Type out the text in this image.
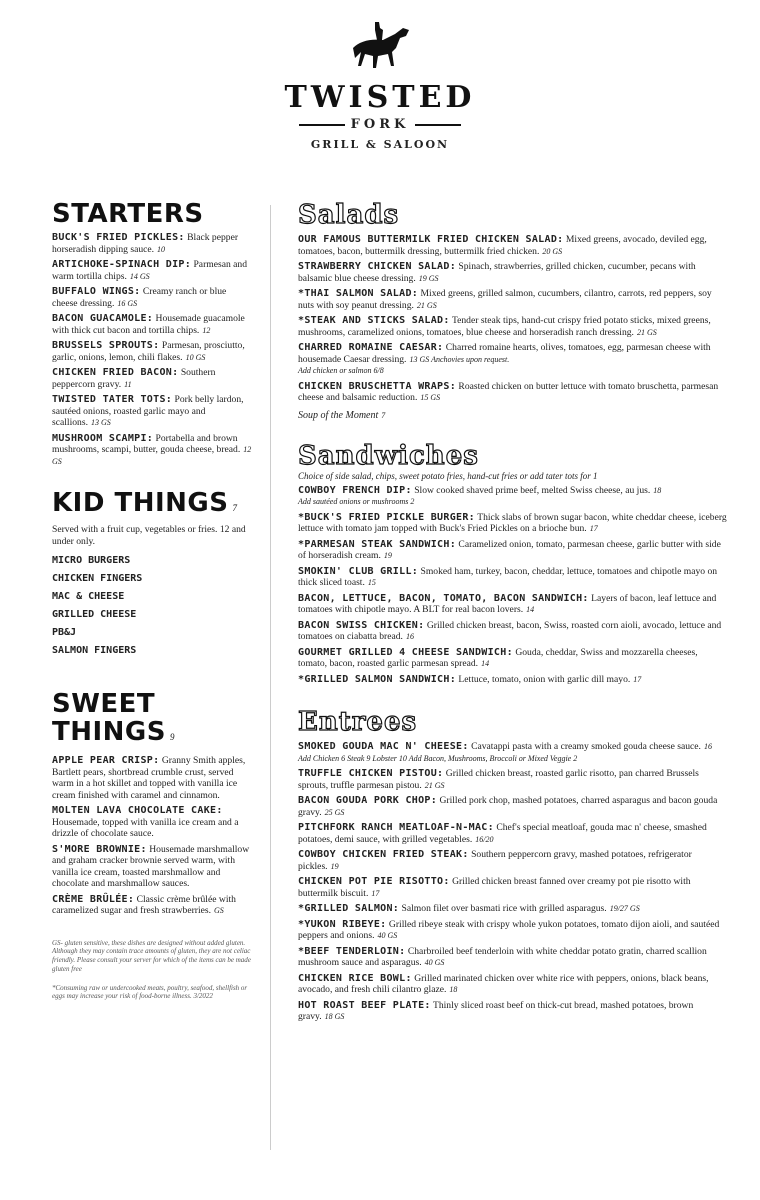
TWISTED
FORK
GRILL & SALOON
STARTERS
BUCK'S FRIED PICKLES: Black pepper horseradish dipping sauce. 10
ARTICHOKE-SPINACH DIP: Parmesan and warm tortilla chips. 14 GS
BUFFALO WINGS: Creamy ranch or blue cheese dressing. 16 GS
BACON GUACAMOLE: Housemade guacamole with thick cut bacon and tortilla chips. 12
BRUSSELS SPROUTS: Parmesan, prosciutto, garlic, onions, lemon, chili flakes. 10 GS
CHICKEN FRIED BACON: Southern peppercorn gravy. 11
TWISTED TATER TOTS: Pork belly lardon, sautéed onions, roasted garlic mayo and scallions. 13 GS
MUSHROOM SCAMPI: Portabella and brown mushrooms, scampi, butter, gouda cheese, bread. 12 GS
KID THINGS 7
Served with a fruit cup, vegetables or fries. 12 and under only.
MICRO BURGERS
CHICKEN FINGERS
MAC & CHEESE
GRILLED CHEESE
PB&J
SALMON FINGERS
SWEET
THINGS 9
APPLE PEAR CRISP: Granny Smith apples, Bartlett pears, shortbread crumble crust, served warm in a hot skillet and topped with vanilla ice cream finished with caramel and cinnamon.
MOLTEN LAVA CHOCOLATE CAKE: Housemade, topped with vanilla ice cream and a drizzle of chocolate sauce.
S'MORE BROWNIE: Housemade marshmallow and graham cracker brownie served warm, with vanilla ice cream, toasted marshmallow and chocolate and marshmallow sauces.
CRÈME BRÛLÉE: Classic crème brûlée with caramelized sugar and fresh strawberries. GS
GS- gluten sensitive, these dishes are designed without added gluten. Although they may contain trace amounts of gluten, they are not celiac friendly. Please consult your server for which of the items can be made gluten free
*Consuming raw or undercooked meats, poultry, seafood, shellfish or eggs may increase your risk of food-borne illness. 3/2022
Salads
OUR FAMOUS BUTTERMILK FRIED CHICKEN SALAD: Mixed greens, avocado, deviled egg, tomatoes, bacon, buttermilk dressing, buttermilk fried chicken. 20 GS
STRAWBERRY CHICKEN SALAD: Spinach, strawberries, grilled chicken, cucumber, pecans with balsamic blue cheese dressing. 19 GS
*THAI SALMON SALAD: Mixed greens, grilled salmon, cucumbers, cilantro, carrots, red peppers, soy nuts with soy peanut dressing. 21 GS
*STEAK AND STICKS SALAD: Tender steak tips, hand-cut crispy fried potato sticks, mixed greens, mushrooms, caramelized onions, tomatoes, blue cheese and horseradish ranch dressing. 21 GS
CHARRED ROMAINE CAESAR: Charred romaine hearts, olives, tomatoes, egg, parmesan cheese with housemade Caesar dressing. 13 GS Anchovies upon request.
Add chicken or salmon 6/8
CHICKEN BRUSCHETTA WRAPS: Roasted chicken on butter lettuce with tomato bruschetta, parmesan cheese and balsamic reduction. 15 GS
Soup of the Moment 7
Sandwiches
Choice of side salad, chips, sweet potato fries, hand-cut fries or add tater tots for 1
COWBOY FRENCH DIP: Slow cooked shaved prime beef, melted Swiss cheese, au jus. 18
Add sautéed onions or mushrooms 2
*BUCK'S FRIED PICKLE BURGER: Thick slabs of brown sugar bacon, white cheddar cheese, iceberg lettuce with tomato jam topped with Buck's Fried Pickles on a brioche bun. 17
*PARMESAN STEAK SANDWICH: Caramelized onion, tomato, parmesan cheese, garlic butter with side of horseradish cream. 19
SMOKIN' CLUB GRILL: Smoked ham, turkey, bacon, cheddar, lettuce, tomatoes and chipotle mayo on thick sliced toast. 15
BACON, LETTUCE, BACON, TOMATO, BACON SANDWICH: Layers of bacon, leaf lettuce and tomatoes with chipotle mayo. A BLT for real bacon lovers. 14
BACON SWISS CHICKEN: Grilled chicken breast, bacon, Swiss, roasted corn aioli, avocado, lettuce and tomatoes on ciabatta bread. 16
GOURMET GRILLED 4 CHEESE SANDWICH: Gouda, cheddar, Swiss and mozzarella cheeses, tomato, bacon, roasted garlic parmesan spread. 14
*GRILLED SALMON SANDWICH: Lettuce, tomato, onion with garlic dill mayo. 17
Entrees
SMOKED GOUDA MAC N' CHEESE: Cavatappi pasta with a creamy smoked gouda cheese sauce. 16
Add Chicken 6 Steak 9 Lobster 10 Add Bacon, Mushrooms, Broccoli or Mixed Veggie 2
TRUFFLE CHICKEN PISTOU: Grilled chicken breast, roasted garlic risotto, pan charred Brussels sprouts, truffle parmesan pistou. 21 GS
BACON GOUDA PORK CHOP: Grilled pork chop, mashed potatoes, charred asparagus and bacon gouda gravy. 25 GS
PITCHFORK RANCH MEATLOAF-N-MAC: Chef's special meatloaf, gouda mac n' cheese, smashed potatoes, demi sauce, with grilled vegetables. 16/20
COWBOY CHICKEN FRIED STEAK: Southern peppercorn gravy, mashed potatoes, refrigerator pickles. 19
CHICKEN POT PIE RISOTTO: Grilled chicken breast fanned over creamy pot pie risotto with buttermilk biscuit. 17
*GRILLED SALMON: Salmon filet over basmati rice with grilled asparagus. 19/27 GS
*YUKON RIBEYE: Grilled ribeye steak with crispy whole yukon potatoes, tomato dijon aioli, and sautéed peppers and onions. 40 GS
*BEEF TENDERLOIN: Charbroiled beef tenderloin with white cheddar potato gratin, charred scallion mushroom sauce and asparagus. 40 GS
CHICKEN RICE BOWL: Grilled marinated chicken over white rice with peppers, onions, black beans, avocado, and fresh chili cilantro glaze. 18
HOT ROAST BEEF PLATE: Thinly sliced roast beef on thick-cut bread, mashed potatoes, brown gravy. 18 GS
